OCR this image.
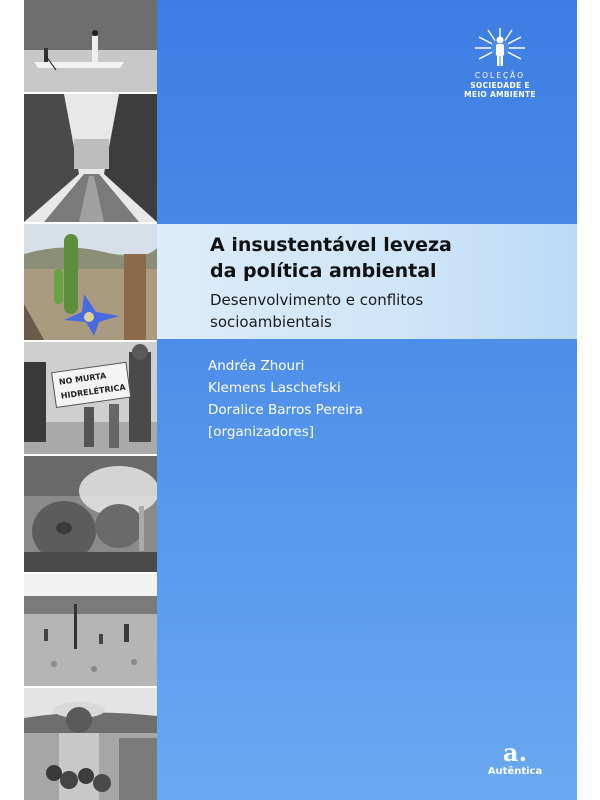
NO MURTA
HIDRELÉTRICA
COLEÇÃO
SOCIEDADE E
MEIO AMBIENTE
A insustentável leveza
da política ambiental
Desenvolvimento e conflitos
socioambientais
Andréa Zhouri
Klemens Laschefski
Doralice Barros Pereira
[organizadores]
a.
Autêntica
